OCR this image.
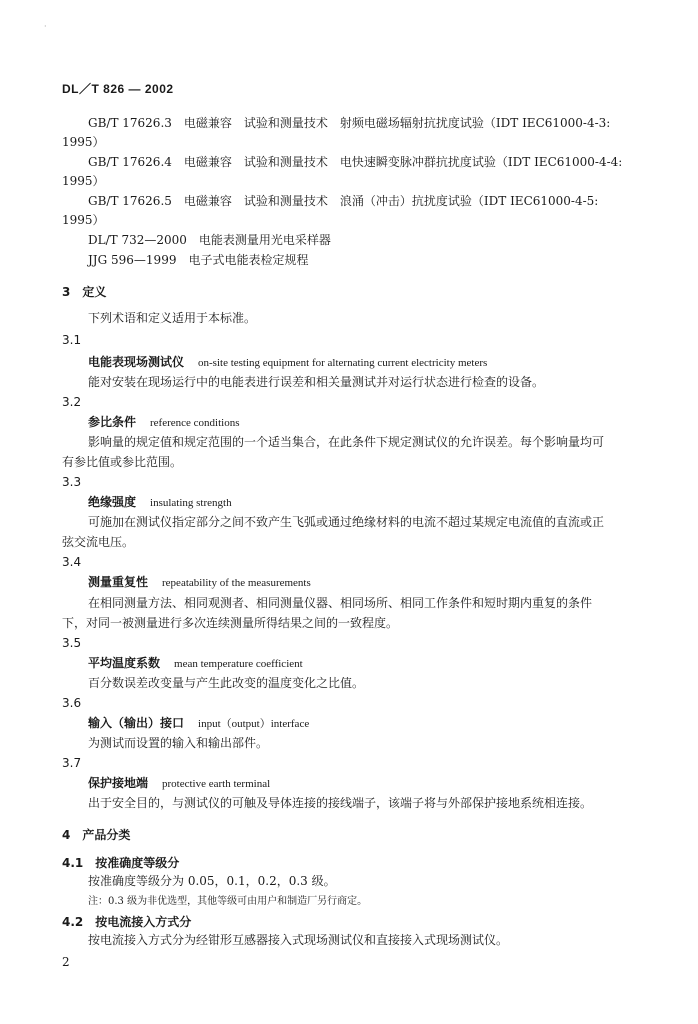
·
DL／T 826 — 2002
GB/T 17626.3　电磁兼容　试验和测量技术　射频电磁场辐射抗扰度试验（IDT IEC61000-4-3:
1995）
GB/T 17626.4　电磁兼容　试验和测量技术　电快速瞬变脉冲群抗扰度试验（IDT IEC61000-4-4:
1995）
GB/T 17626.5　电磁兼容　试验和测量技术　浪涌（冲击）抗扰度试验（IDT IEC61000-4-5:
1995）
DL/T 732—2000　电能表测量用光电采样器
JJG 596—1999　电子式电能表检定规程
3　定义
下列术语和定义适用于本标准。
3.1
电能表现场测试仪 on-site testing equipment for alternating current electricity meters
能对安装在现场运行中的电能表进行误差和相关量测试并对运行状态进行检查的设备。
3.2
参比条件 reference conditions
影响量的规定值和规定范围的一个适当集合，在此条件下规定测试仪的允许误差。每个影响量均可
有参比值或参比范围。
3.3
绝缘强度 insulating strength
可施加在测试仪指定部分之间不致产生飞弧或通过绝缘材料的电流不超过某规定电流值的直流或正
弦交流电压。
3.4
测量重复性 repeatability of the measurements
在相同测量方法、相同观测者、相同测量仪器、相同场所、相同工作条件和短时期内重复的条件
下，对同一被测量进行多次连续测量所得结果之间的一致程度。
3.5
平均温度系数 mean temperature coefficient
百分数误差改变量与产生此改变的温度变化之比值。
3.6
输入（输出）接口 input（output）interface
为测试而设置的输入和输出部件。
3.7
保护接地端 protective earth terminal
出于安全目的，与测试仪的可触及导体连接的接线端子，该端子将与外部保护接地系统相连接。
4　产品分类
4.1　按准确度等级分
按准确度等级分为 0.05，0.1，0.2，0.3 级。
注：0.3 级为非优选型，其他等级可由用户和制造厂另行商定。
4.2　按电流接入方式分
按电流接入方式分为经钳形互感器接入式现场测试仪和直接接入式现场测试仪。
2
